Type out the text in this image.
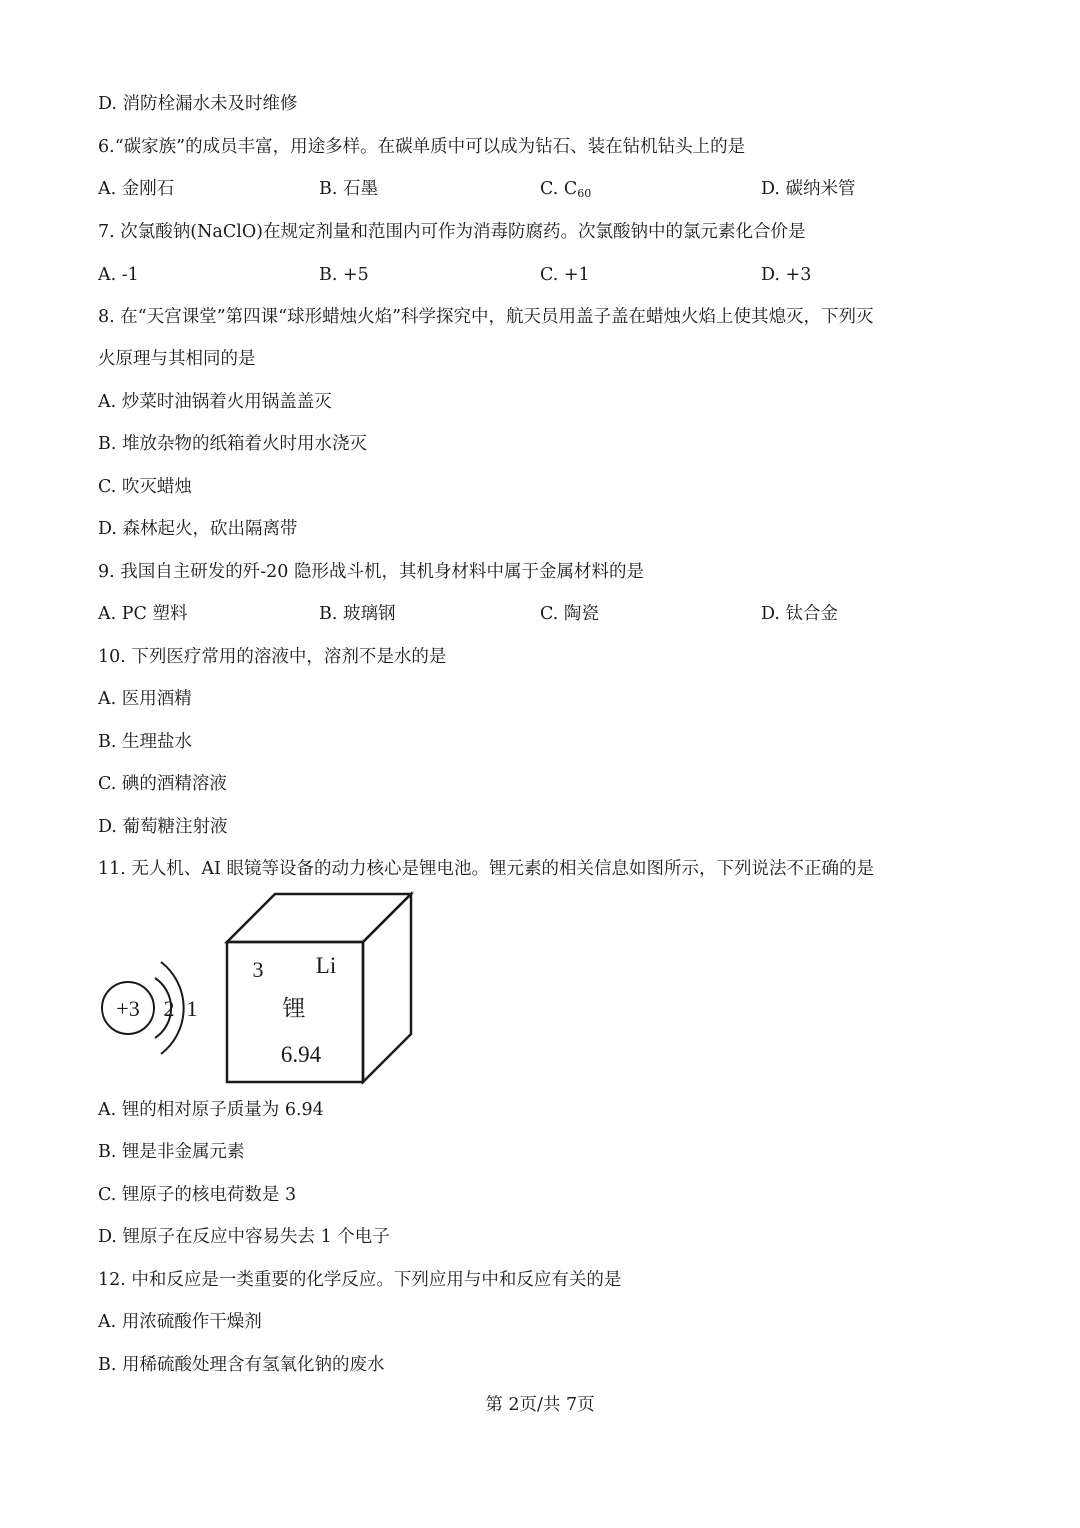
D. 消防栓漏水未及时维修
6.“碳家族”的成员丰富，用途多样。在碳单质中可以成为钻石、装在钻机钻头上的是
A. 金刚石	B. 石墨	C. $C_{60}$	D. 碳纳米管
7. 次氯酸钠(NaClO)在规定剂量和范围内可作为消毒防腐药。次氯酸钠中的氯元素化合价是
A. -1	B. +5	C. +1	D. +3
8. 在“天宫课堂”第四课“球形蜡烛火焰”科学探究中，航天员用盖子盖在蜡烛火焰上使其熄灭，下列灭
火原理与其相同的是
A. 炒菜时油锅着火用锅盖盖灭
B. 堆放杂物的纸箱着火时用水浇灭
C. 吹灭蜡烛
D. 森林起火，砍出隔离带
9. 我国自主研发的歼-20 隐形战斗机，其机身材料中属于金属材料的是
A. PC 塑料	B. 玻璃钢	C. 陶瓷	D. 钛合金
10. 下列医疗常用的溶液中，溶剂不是水的是
A. 医用酒精
B. 生理盐水
C. 碘的酒精溶液
D. 葡萄糖注射液
11. 无人机、AI 眼镜等设备的动力核心是锂电池。锂元素的相关信息如图所示，下列说法不正确的是
+3 2 1
3 Li
锂
6.94
A. 锂的相对原子质量为 6.94
B. 锂是非金属元素
C. 锂原子的核电荷数是 3
D. 锂原子在反应中容易失去 1 个电子
12. 中和反应是一类重要的化学反应。下列应用与中和反应有关的是
A. 用浓硫酸作干燥剂
B. 用稀硫酸处理含有氢氧化钠的废水
第 2页/共 7页
